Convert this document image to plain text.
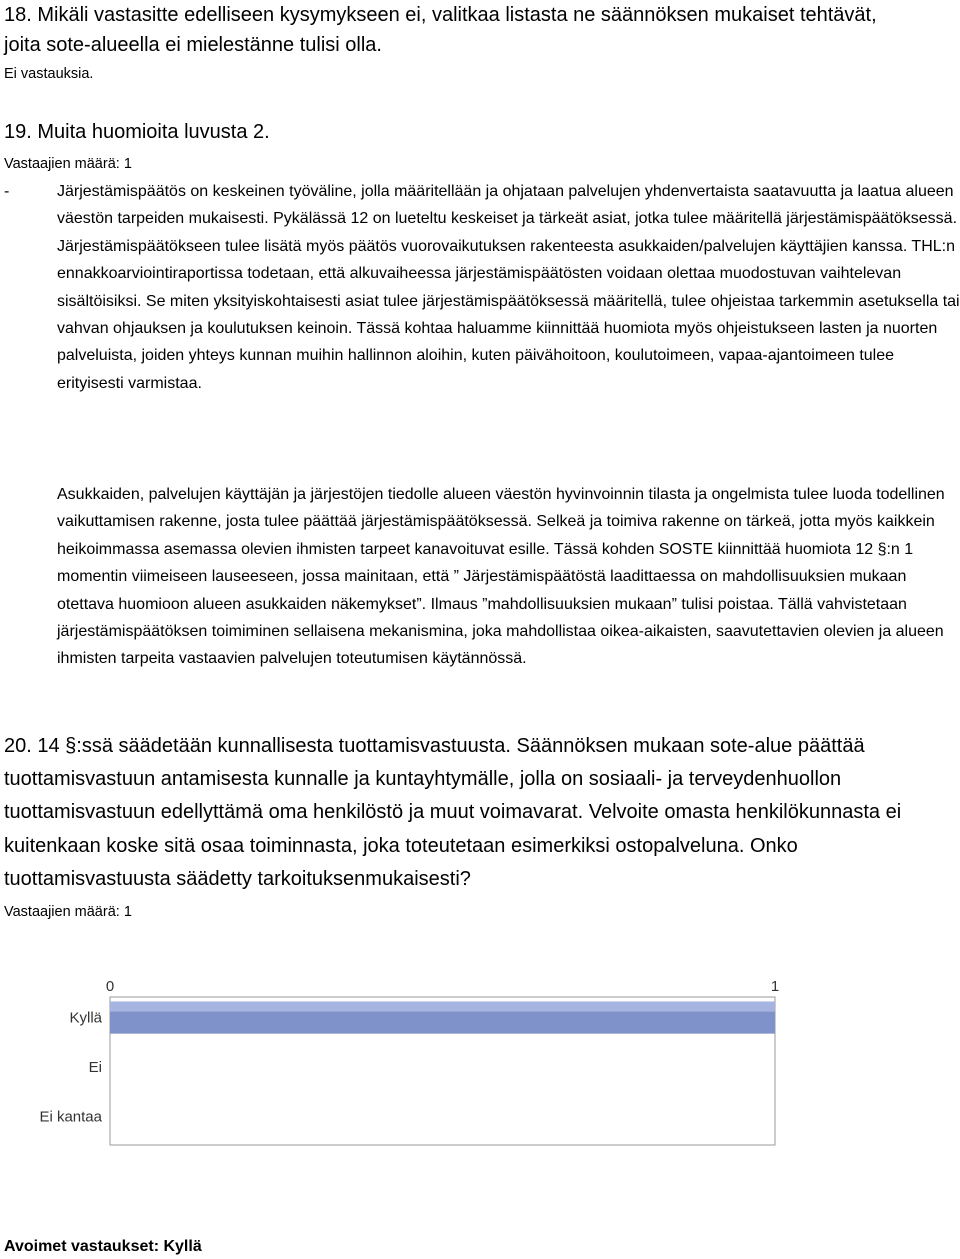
18. Mikäli vastasitte edelliseen kysymykseen ei, valitkaa listasta ne säännöksen mukaiset tehtävät, joita sote-alueella ei mielestänne tulisi olla.
Ei vastauksia.
19. Muita huomioita luvusta 2.
Vastaajien määrä: 1
-	Järjestämispäätös on keskeinen työväline, jolla määritellään ja ohjataan palvelujen yhdenvertaista saatavuutta ja laatua alueen väestön tarpeiden mukaisesti. Pykälässä 12 on lueteltu keskeiset ja tärkeät asiat, jotka tulee määritellä järjestämispäätöksessä. Järjestämispäätökseen tulee lisätä myös päätös vuorovaikutuksen rakenteesta asukkaiden/palvelujen käyttäjien kanssa. THL:n ennakkoarviointiraportissa todetaan, että alkuvaiheessa järjestämispäätösten voidaan olettaa muodostuvan vaihtelevan sisältöisiksi. Se miten yksityiskohtaisesti asiat tulee järjestämispäätöksessä määritellä, tulee ohjeistaa tarkemmin asetuksella tai vahvan ohjauksen ja koulutuksen keinoin. Tässä kohtaa haluamme kiinnittää huomiota myös ohjeistukseen lasten ja nuorten palveluista, joiden yhteys kunnan muihin hallinnon aloihin, kuten päivähoitoon, koulutoimeen, vapaa-ajantoimeen tulee erityisesti varmistaa.

Asukkaiden, palvelujen käyttäjän ja järjestöjen tiedolle alueen väestön hyvinvoinnin tilasta ja ongelmista tulee luoda todellinen vaikuttamisen rakenne, josta tulee päättää järjestämispäätöksessä. Selkeä ja toimiva rakenne on tärkeä, jotta myös kaikkein heikoimmassa asemassa olevien ihmisten tarpeet kanavoituvat esille. Tässä kohden SOSTE kiinnittää huomiota 12 §:n 1 momentin viimeiseen lauseeseen, jossa mainitaan, että ” Järjestämispäätöstä laadittaessa on mahdollisuuksien mukaan otettava huomioon alueen asukkaiden näkemykset”. Ilmaus ”mahdollisuuksien mukaan” tulisi poistaa. Tällä vahvistetaan järjestämispäätöksen toimiminen sellaisena mekanismina, joka mahdollistaa oikea-aikaisten, saavutettavien olevien ja alueen ihmisten tarpeita vastaavien palvelujen toteutumisen käytännössä.

20. 14 §:ssä säädetään kunnallisesta tuottamisvastuusta. Säännöksen mukaan sote-alue päättää tuottamisvastuun antamisesta kunnalle ja kuntayhtymälle, jolla on sosiaali- ja terveydenhuollon tuottamisvastuun edellyttämä oma henkilöstö ja muut voimavarat. Velvoite omasta henkilökunnasta ei kuitenkaan koske sitä osaa toiminnasta, joka toteutetaan esimerkiksi ostopalveluna. Onko tuottamisvastuusta säädetty tarkoituksenmukaisesti?
Vastaajien määrä: 1
0	1
Kyllä
Ei
Ei kantaa
Avoimet vastaukset: Kyllä
